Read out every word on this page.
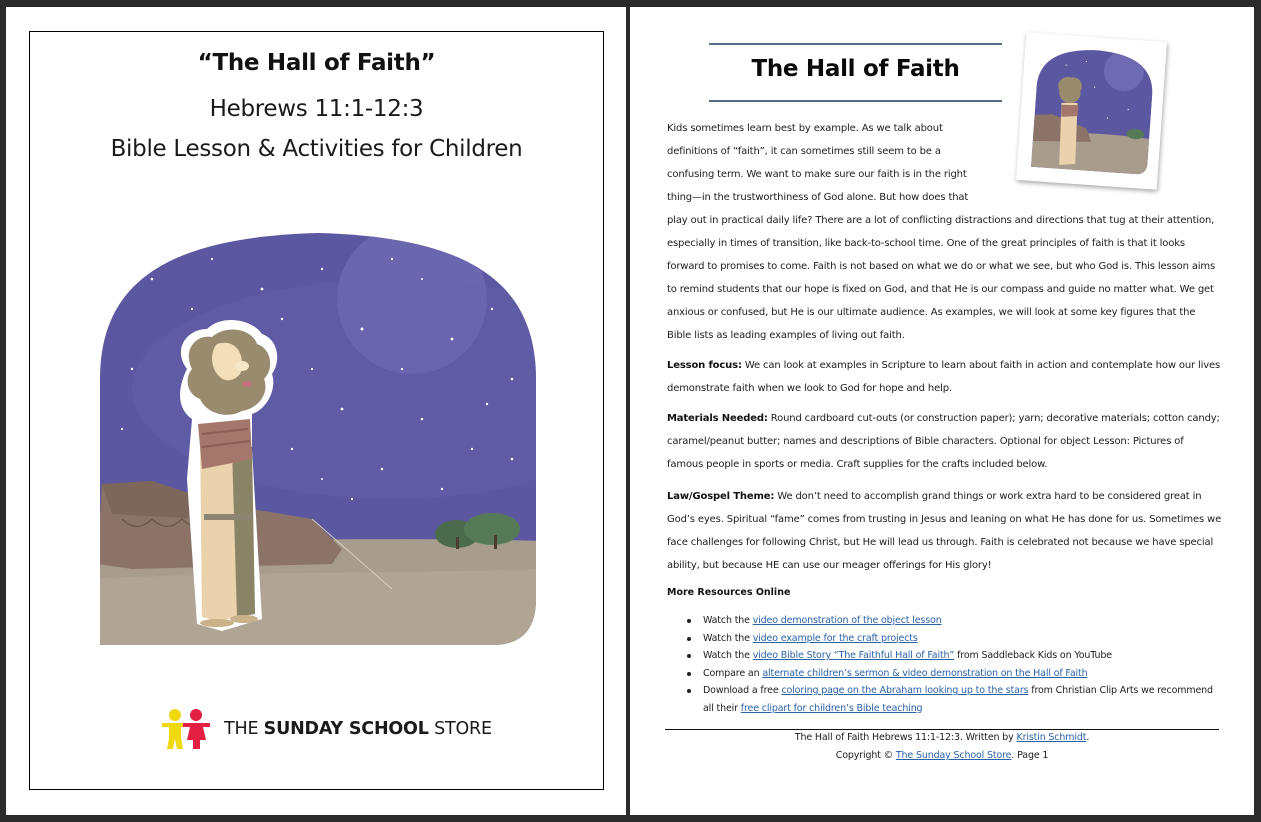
“The Hall of Faith”
Hebrews 11:1-12:3
Bible Lesson & Activities for Children
THE SUNDAY SCHOOL STORE
The Hall of Faith
Kids sometimes learn best by example. As we talk about
definitions of “faith”, it can sometimes still seem to be a
confusing term. We want to make sure our faith is in the right
thing—in the trustworthiness of God alone. But how does that
play out in practical daily life? There are a lot of conflicting distractions and directions that tug at their attention, especially in times of transition, like back-to-school time. One of the great principles of faith is that it looks forward to promises to come. Faith is not based on what we do or what we see, but who God is. This lesson aims to remind students that our hope is fixed on God, and that He is our compass and guide no matter what. We get anxious or confused, but He is our ultimate audience. As examples, we will look at some key figures that the Bible lists as leading examples of living out faith.
Lesson focus: We can look at examples in Scripture to learn about faith in action and contemplate how our lives demonstrate faith when we look to God for hope and help.
Materials Needed: Round cardboard cut-outs (or construction paper); yarn; decorative materials; cotton candy; caramel/peanut butter; names and descriptions of Bible characters. Optional for object Lesson: Pictures of famous people in sports or media. Craft supplies for the crafts included below.
Law/Gospel Theme: We don’t need to accomplish grand things or work extra hard to be considered great in God’s eyes. Spiritual “fame” comes from trusting in Jesus and leaning on what He has done for us. Sometimes we face challenges for following Christ, but He will lead us through. Faith is celebrated not because we have special ability, but because HE can use our meager offerings for His glory!
More Resources Online
Watch the video demonstration of the object lesson
Watch the video example for the craft projects
Watch the video Bible Story “The Faithful Hall of Faith” from Saddleback Kids on YouTube
Compare an alternate children’s sermon & video demonstration on the Hall of Faith
Download a free coloring page on the Abraham looking up to the stars from Christian Clip Arts we recommend all their free clipart for children’s Bible teaching
The Hall of Faith Hebrews 11:1-12:3. Written by Kristin Schmidt.
Copyright © The Sunday School Store. Page 1
